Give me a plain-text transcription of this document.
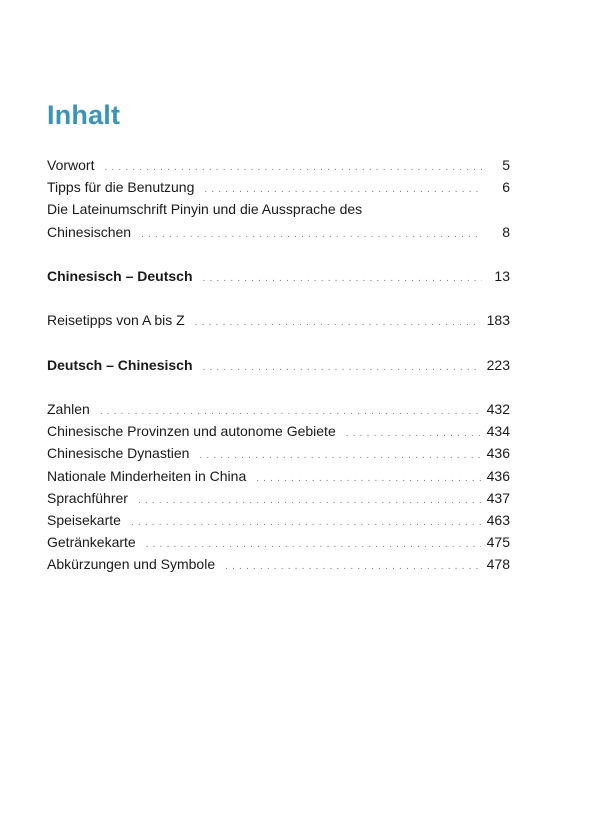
Inhalt
Vorwort . . .	5
Tipps für die Benutzung . . .	6
Die Lateinumschrift Pinyin und die Aussprache des
Chinesischen . . .	8
Chinesisch – Deutsch . . .	13
Reisetipps von A bis Z . . .	183
Deutsch – Chinesisch . . .	223
Zahlen . . .	432
Chinesische Provinzen und autonome Gebiete . . .	434
Chinesische Dynastien . . .	436
Nationale Minderheiten in China . . .	436
Sprachführer . . .	437
Speisekarte . . .	463
Getränkekarte . . .	475
Abkürzungen und Symbole . . .	478
